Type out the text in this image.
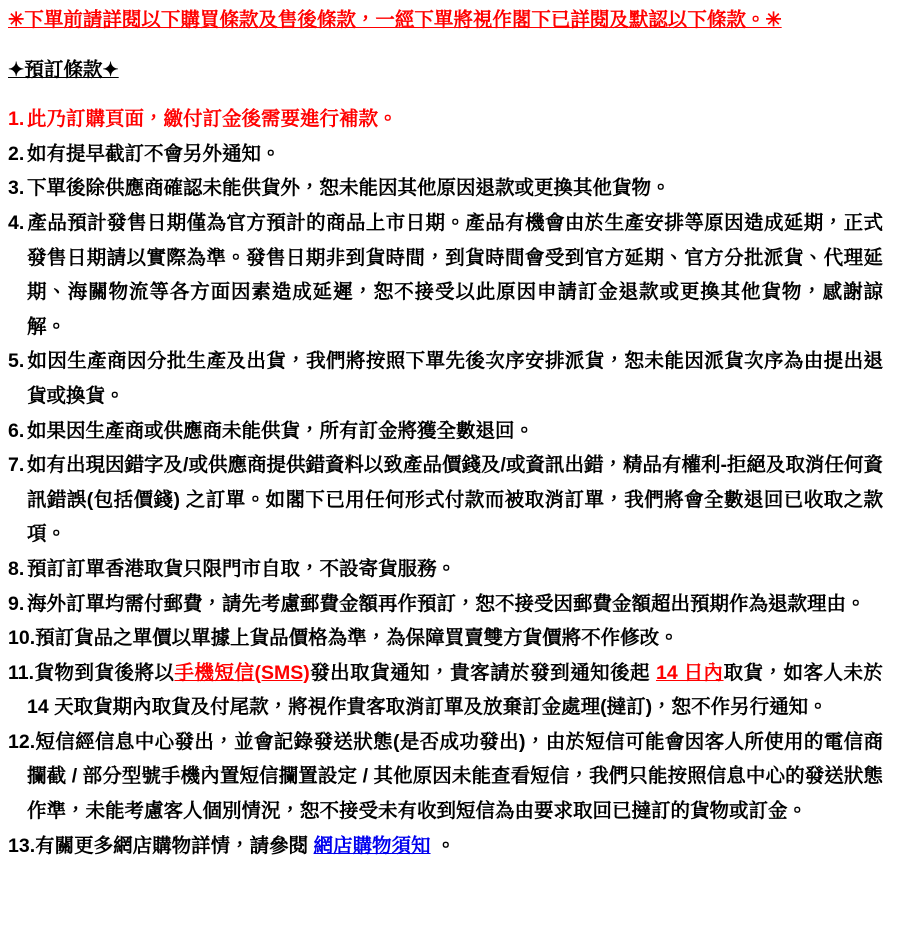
✳下單前請詳閱以下購買條款及售後條款，一經下單將視作閣下已詳閱及默認以下條款。✳
✦預訂條款✦
1. 此乃訂購頁面，繳付訂金後需要進行補款。
2. 如有提早截訂不會另外通知。
3. 下單後除供應商確認未能供貨外，恕未能因其他原因退款或更換其他貨物。
4. 產品預計發售日期僅為官方預計的商品上市日期。產品有機會由於生產安排等原因造成延期，正式發售日期請以實際為準。發售日期非到貨時間，到貨時間會受到官方延期、官方分批派貨、代理延期、海關物流等各方面因素造成延遲，恕不接受以此原因申請訂金退款或更換其他貨物，感謝諒解。
5. 如因生產商因分批生產及出貨，我們將按照下單先後次序安排派貨，恕未能因派貨次序為由提出退貨或換貨。
6. 如果因生產商或供應商未能供貨，所有訂金將獲全數退回。
7. 如有出現因錯字及/或供應商提供錯資料以致產品價錢及/或資訊出錯，精品有權利-拒絕及取消任何資訊錯誤(包括價錢) 之訂單。如閣下已用任何形式付款而被取消訂單，我們將會全數退回已收取之款項。
8. 預訂訂單香港取貨只限門市自取，不設寄貨服務。
9. 海外訂單均需付郵費，請先考慮郵費金額再作預訂，恕不接受因郵費金額超出預期作為退款理由。
10.預訂貨品之單價以單據上貨品價格為準，為保障買賣雙方貨價將不作修改。
11.貨物到貨後將以手機短信(SMS)發出取貨通知，貴客請於發到通知後起 14 日內取貨，如客人未於 14 天取貨期內取貨及付尾款，將視作貴客取消訂單及放棄訂金處理(撻訂)，恕不作另行通知。
12.短信經信息中心發出，並會記錄發送狀態(是否成功發出)，由於短信可能會因客人所使用的電信商攔截 / 部分型號手機內置短信攔置設定 / 其他原因未能查看短信，我們只能按照信息中心的發送狀態作準，未能考慮客人個別情況，恕不接受未有收到短信為由要求取回已撻訂的貨物或訂金。
13.有關更多網店購物詳情，請參閱 網店購物須知 。
